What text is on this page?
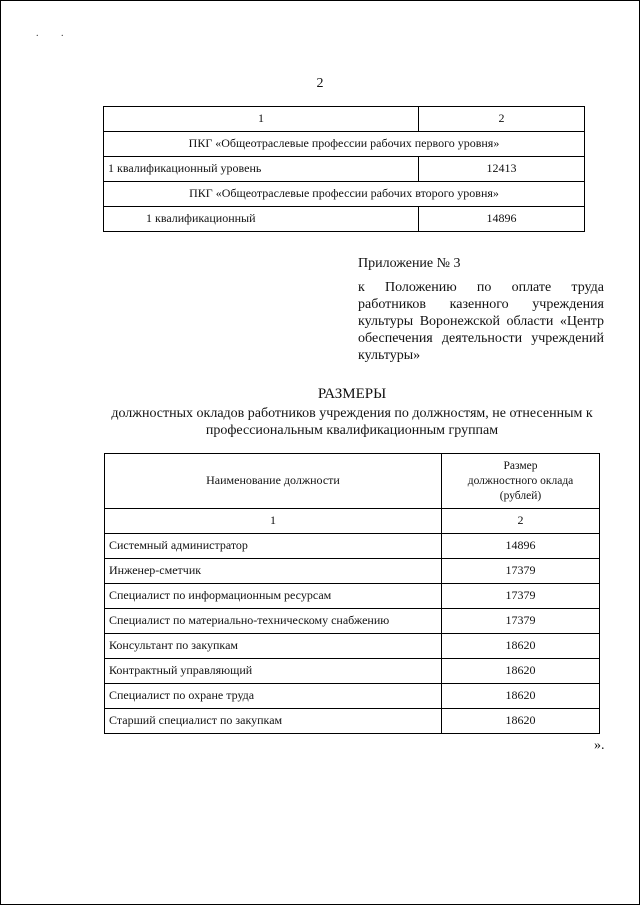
. .
2
1	2
ПКГ «Общеотраслевые профессии рабочих первого уровня»	
1 квалификационный уровень	12413
ПКГ «Общеотраслевые профессии рабочих второго уровня»	
1 квалификационный	14896
Приложение № 3
к Положению по оплате труда работников казенного учреждения культуры Воронежской области «Центр обеспечения деятельности учреждений культуры»
РАЗМЕРЫ
должностных окладов работников учреждения по должностям, не отнесенным к
профессиональным квалификационным группам
Наименование должности	Размер
должностного оклада
(рублей)

1	2
Системный администратор	14896
Инженер-сметчик	17379
Специалист по информационным ресурсам	17379
Специалист по материально-техническому снабжению	17379
Консультант по закупкам	18620
Контрактный управляющий	18620
Специалист по охране труда	18620
Старший специалист по закупкам	18620
».
